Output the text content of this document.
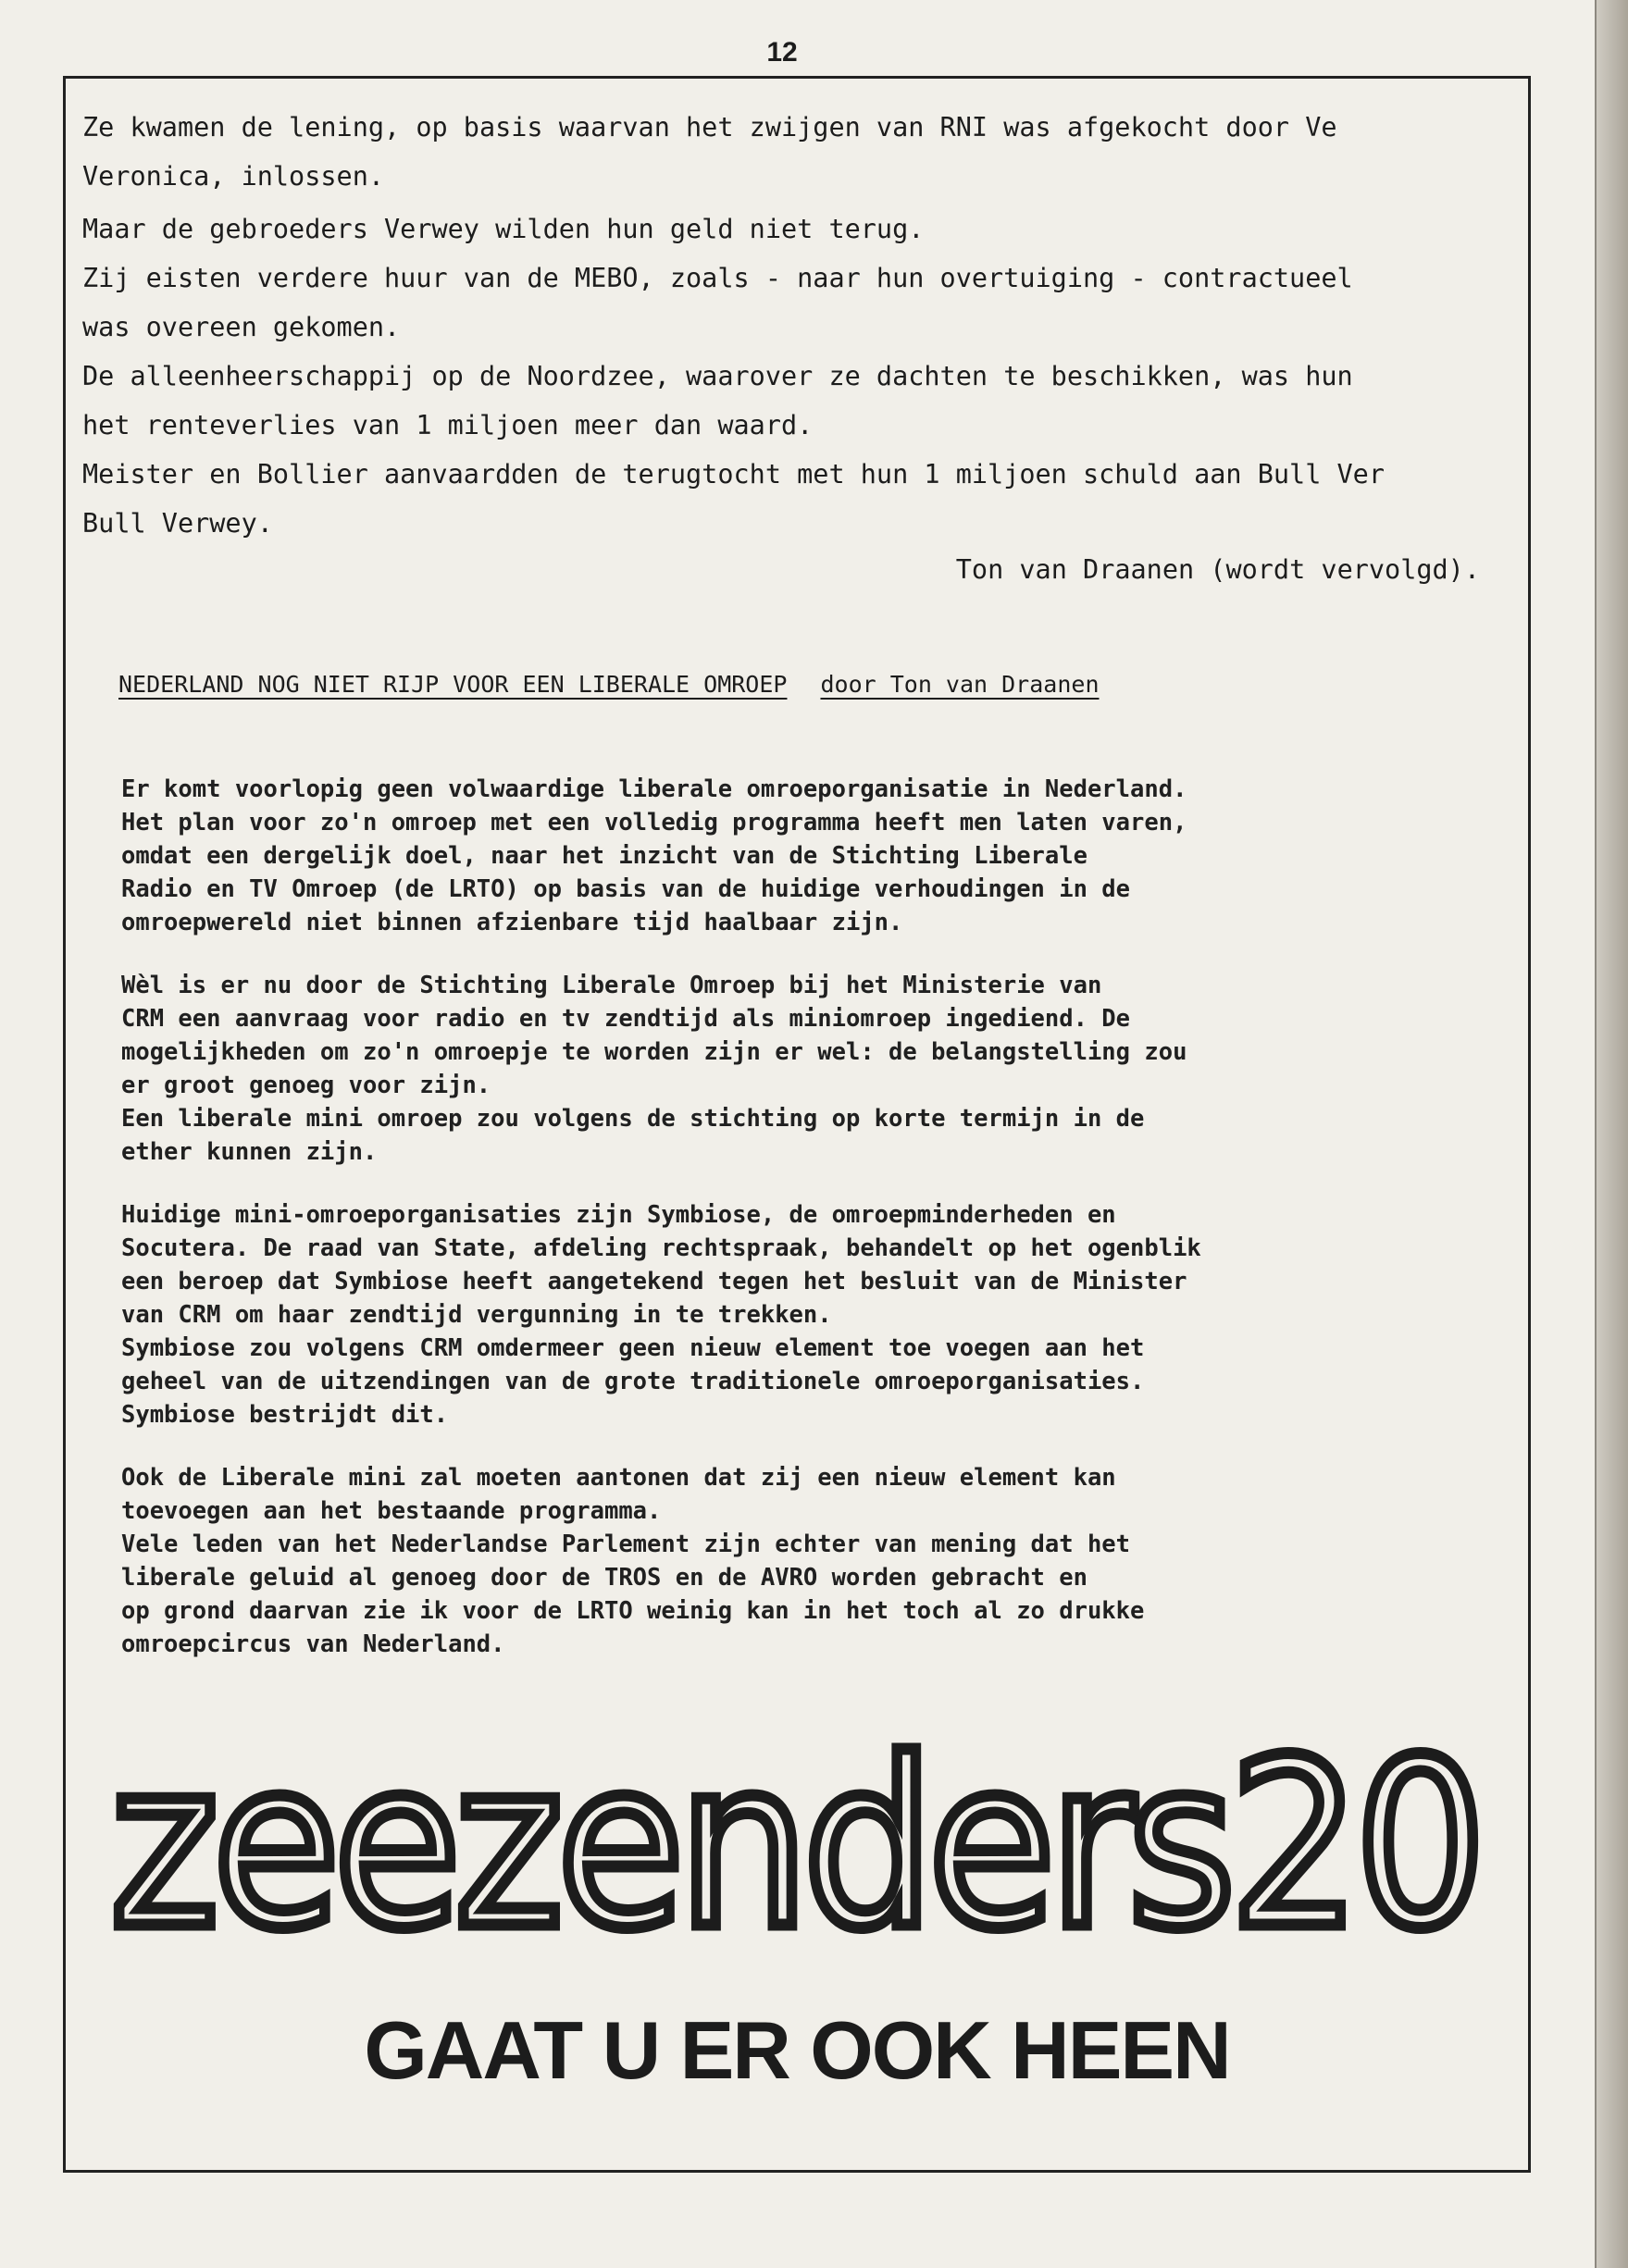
12

Ze kwamen de lening, op basis waarvan het zwijgen van RNI was afgekocht door Ve
Veronica, inlossen.

Maar de gebroeders Verwey wilden hun geld niet terug.
Zij eisten verdere huur van de MEBO, zoals - naar hun overtuiging - contractueel
was overeen gekomen.
De alleenheerschappij op de Noordzee, waarover ze dachten te beschikken, was hun
het renteverlies van 1 miljoen meer dan waard.
Meister en Bollier aanvaardden de terugtocht met hun 1 miljoen schuld aan Bull Ver
Bull Verwey.

Ton van Draanen (wordt vervolgd).

NEDERLAND NOG NIET RIJP VOOR EEN LIBERALE OMROEP door Ton van Draanen

Er komt voorlopig geen volwaardige liberale omroeporganisatie in Nederland.
Het plan voor zo'n omroep met een volledig programma heeft men laten varen,
omdat een dergelijk doel, naar het inzicht van de Stichting Liberale
Radio en TV Omroep (de LRTO) op basis van de huidige verhoudingen in de
omroepwereld niet binnen afzienbare tijd haalbaar zijn.

Wèl is er nu door de Stichting Liberale Omroep bij het Ministerie van
CRM een aanvraag voor radio en tv zendtijd als miniomroep ingediend. De
mogelijkheden om zo'n omroepje te worden zijn er wel: de belangstelling zou
er groot genoeg voor zijn.
Een liberale mini omroep zou volgens de stichting op korte termijn in de
ether kunnen zijn.

Huidige mini-omroeporganisaties zijn Symbiose, de omroepminderheden en
Socutera. De raad van State, afdeling rechtspraak, behandelt op het ogenblik
een beroep dat Symbiose heeft aangetekend tegen het besluit van de Minister
van CRM om haar zendtijd vergunning in te trekken.
Symbiose zou volgens CRM omdermeer geen nieuw element toe voegen aan het
geheel van de uitzendingen van de grote traditionele omroeporganisaties.
Symbiose bestrijdt dit.

Ook de Liberale mini zal moeten aantonen dat zij een nieuw element kan
toevoegen aan het bestaande programma.
Vele leden van het Nederlandse Parlement zijn echter van mening dat het
liberale geluid al genoeg door de TROS en de AVRO worden gebracht en
op grond daarvan zie ik voor de LRTO weinig kan in het toch al zo drukke
omroepcircus van Nederland.

zeezenders20
GAAT U ER OOK HEEN
